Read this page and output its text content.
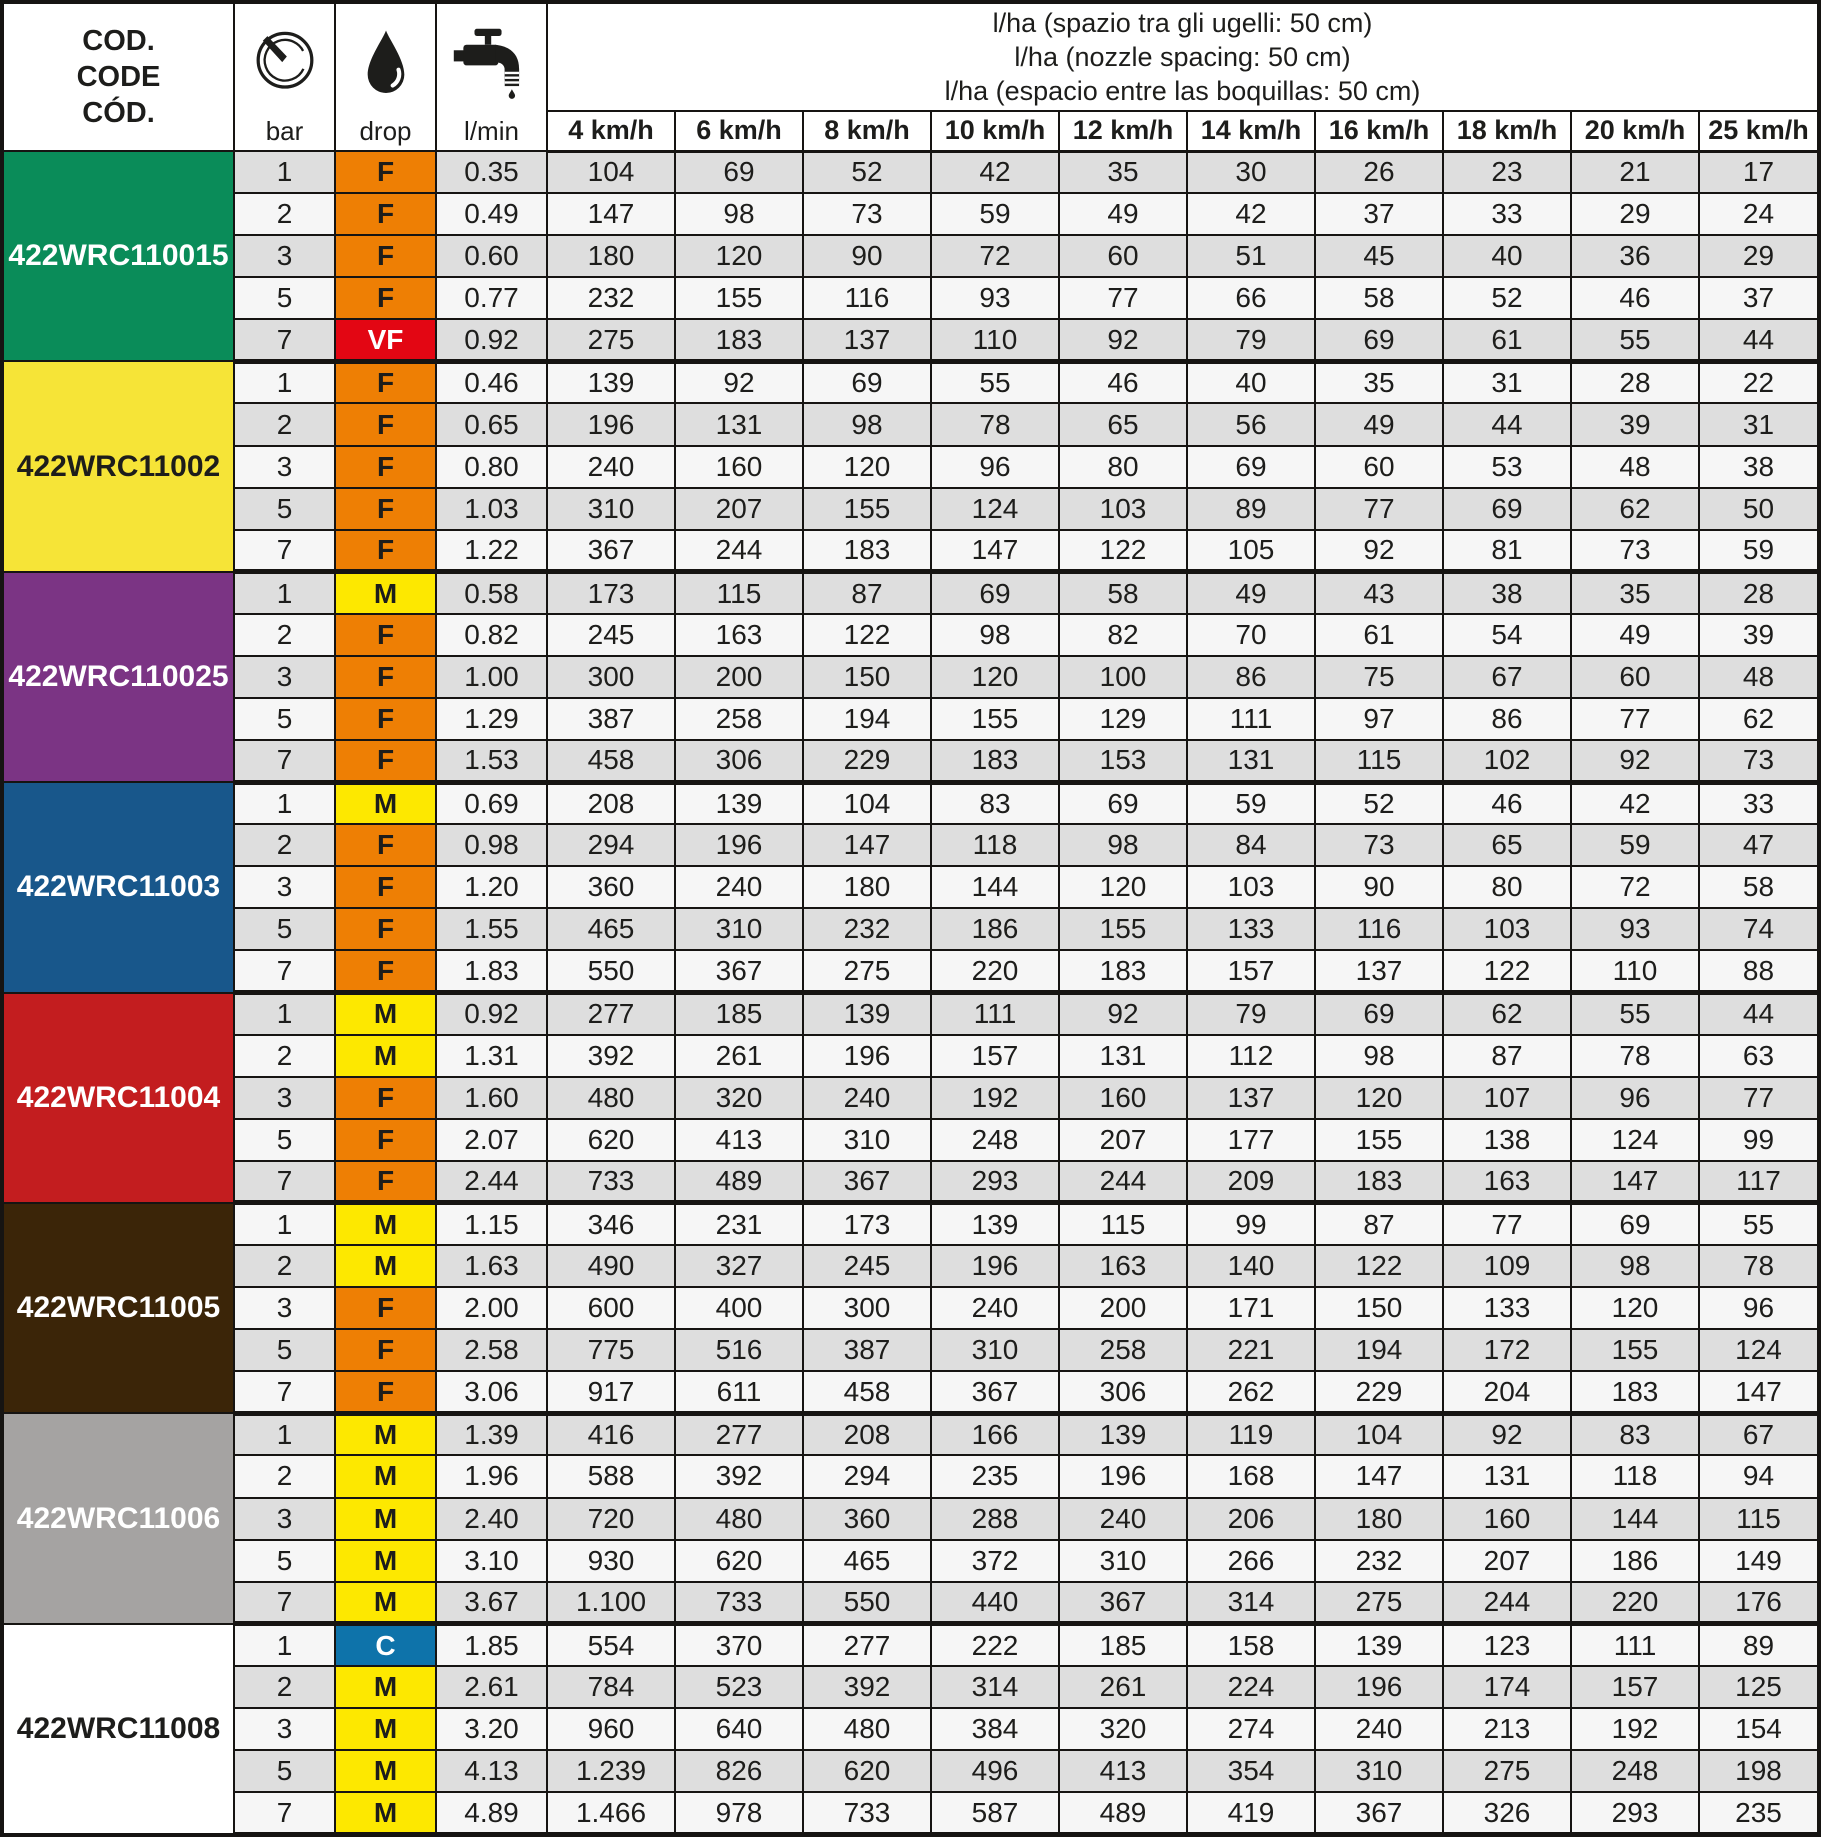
COD.
CODE
CÓD.

bar	drop	l/min

l/ha (spazio tra gli ugelli: 50 cm)
l/ha (nozzle spacing: 50 cm)
l/ha (espacio entre las boquillas: 50 cm)

				4 km/h	6 km/h	8 km/h	10 km/h	12 km/h	14 km/h	16 km/h	18 km/h	20 km/h	25 km/h
422WRC110015	1	F	0.35	104	69	52	42	35	30	26	23	21	17
	2	F	0.49	147	98	73	59	49	42	37	33	29	24
	3	F	0.60	180	120	90	72	60	51	45	40	36	29
	5	F	0.77	232	155	116	93	77	66	58	52	46	37
	7	VF	0.92	275	183	137	110	92	79	69	61	55	44
422WRC11002	1	F	0.46	139	92	69	55	46	40	35	31	28	22
	2	F	0.65	196	131	98	78	65	56	49	44	39	31
	3	F	0.80	240	160	120	96	80	69	60	53	48	38
	5	F	1.03	310	207	155	124	103	89	77	69	62	50
	7	F	1.22	367	244	183	147	122	105	92	81	73	59
422WRC110025	1	M	0.58	173	115	87	69	58	49	43	38	35	28
	2	F	0.82	245	163	122	98	82	70	61	54	49	39
	3	F	1.00	300	200	150	120	100	86	75	67	60	48
	5	F	1.29	387	258	194	155	129	111	97	86	77	62
	7	F	1.53	458	306	229	183	153	131	115	102	92	73
422WRC11003	1	M	0.69	208	139	104	83	69	59	52	46	42	33
	2	F	0.98	294	196	147	118	98	84	73	65	59	47
	3	F	1.20	360	240	180	144	120	103	90	80	72	58
	5	F	1.55	465	310	232	186	155	133	116	103	93	74
	7	F	1.83	550	367	275	220	183	157	137	122	110	88
422WRC11004	1	M	0.92	277	185	139	111	92	79	69	62	55	44
	2	M	1.31	392	261	196	157	131	112	98	87	78	63
	3	F	1.60	480	320	240	192	160	137	120	107	96	77
	5	F	2.07	620	413	310	248	207	177	155	138	124	99
	7	F	2.44	733	489	367	293	244	209	183	163	147	117
422WRC11005	1	M	1.15	346	231	173	139	115	99	87	77	69	55
	2	M	1.63	490	327	245	196	163	140	122	109	98	78
	3	F	2.00	600	400	300	240	200	171	150	133	120	96
	5	F	2.58	775	516	387	310	258	221	194	172	155	124
	7	F	3.06	917	611	458	367	306	262	229	204	183	147
422WRC11006	1	M	1.39	416	277	208	166	139	119	104	92	83	67
	2	M	1.96	588	392	294	235	196	168	147	131	118	94
	3	M	2.40	720	480	360	288	240	206	180	160	144	115
	5	M	3.10	930	620	465	372	310	266	232	207	186	149
	7	M	3.67	1.100	733	550	440	367	314	275	244	220	176
422WRC11008	1	C	1.85	554	370	277	222	185	158	139	123	111	89
	2	M	2.61	784	523	392	314	261	224	196	174	157	125
	3	M	3.20	960	640	480	384	320	274	240	213	192	154
	5	M	4.13	1.239	826	620	496	413	354	310	275	248	198
	7	M	4.89	1.466	978	733	587	489	419	367	326	293	235
